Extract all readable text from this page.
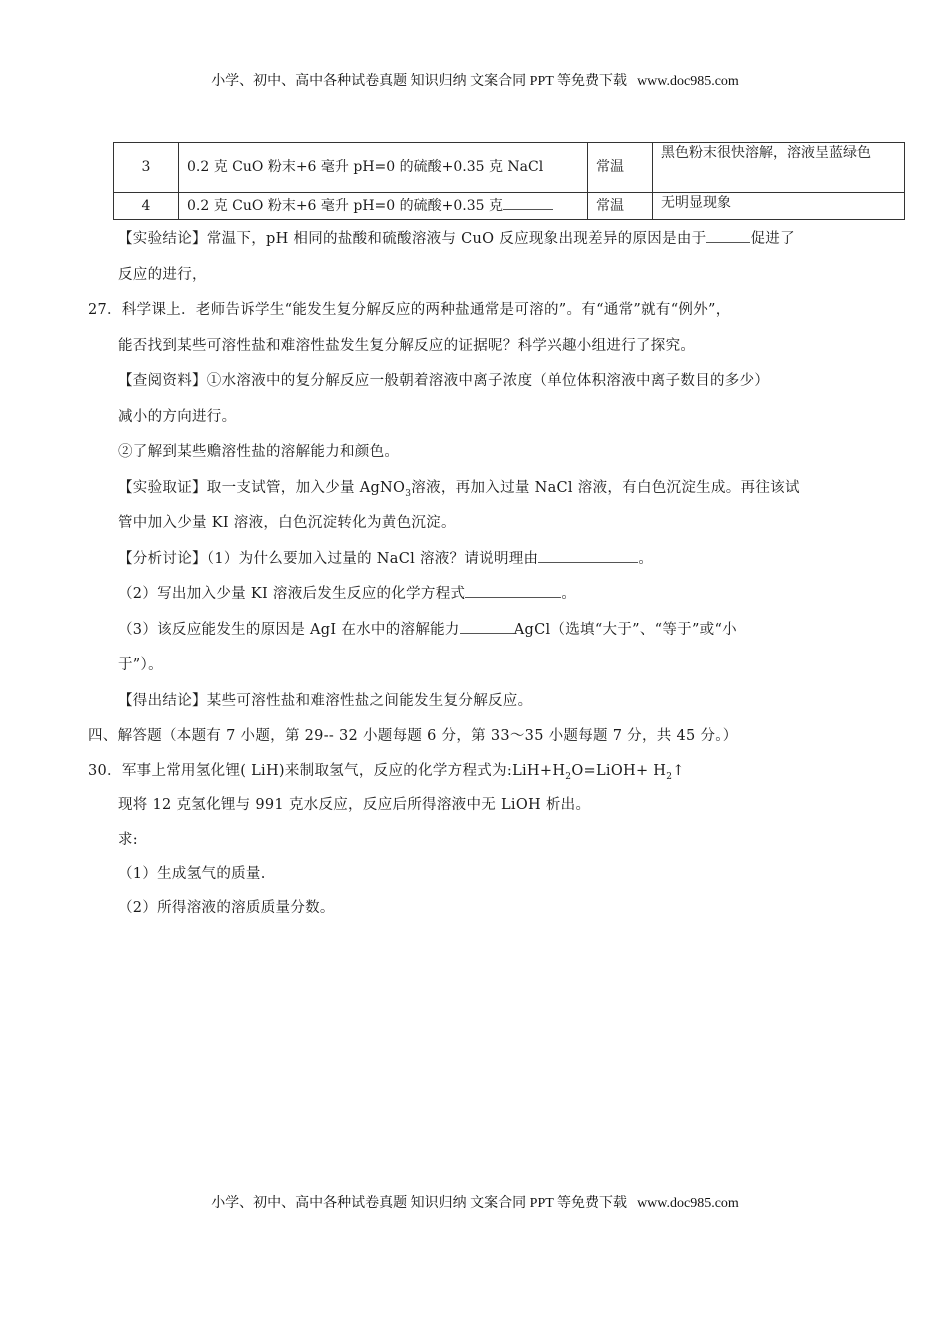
小学、初中、高中各种试卷真题 知识归纳 文案合同 PPT 等免费下载 www.doc985.com
3	0.2 克 CuO 粉末+6 毫升 pH=0 的硫酸+0.35 克 NaCl	常温	黑色粉末很快溶解，溶液呈蓝绿色
4	0.2 克 CuO 粉末+6 毫升 pH=0 的硫酸+0.35 克	常温	无明显现象
【实验结论】常温下，pH 相同的盐酸和硫酸溶液与 CuO 反应现象出现差异的原因是由于	促进了
反应的进行，
27．科学课上．老师告诉学生“能发生复分解反应的两种盐通常是可溶的”。有“通常”就有“例外”，
能否找到某些可溶性盐和难溶性盐发生复分解反应的证据呢？科学兴趣小组进行了探究。
【查阅资料】①水溶液中的复分解反应一般朝着溶液中离子浓度（单位体积溶液中离子数目的多少）
减小的方向进行。
②了解到某些赡溶性盐的溶解能力和颜色。
【实验取证】取一支试管，加入少量 AgNO$_3$溶液，再加入过量 NaCl 溶液，有白色沉淀生成。再往该试
管中加入少量 KI 溶液，白色沉淀转化为黄色沉淀。
【分析讨论】（1）为什么要加入过量的 NaCl 溶液？请说明理由	。
（2）写出加入少量 KI 溶液后发生反应的化学方程式	。
（3）该反应能发生的原因是 AgI 在水中的溶解能力	AgCl（选填“大于”、“等于”或“小
于”）。
【得出结论】某些可溶性盐和难溶性盐之间能发生复分解反应。
四、解答题（本题有 7 小题，第 29-- 32 小题每题 6 分，第 33～35 小题每题 7 分，共 45 分。）
30．军事上常用氢化锂( LiH)来制取氢气，反应的化学方程式为$:LiH+H_2O=LiOH+$ $H_2↑$
现将 12 克氢化锂与 991 克水反应，反应后所得溶液中无 LiOH 析出。
求:
（1）生成氢气的质量.
（2）所得溶液的溶质质量分数。
小学、初中、高中各种试卷真题 知识归纳 文案合同 PPT 等免费下载 www.doc985.com
